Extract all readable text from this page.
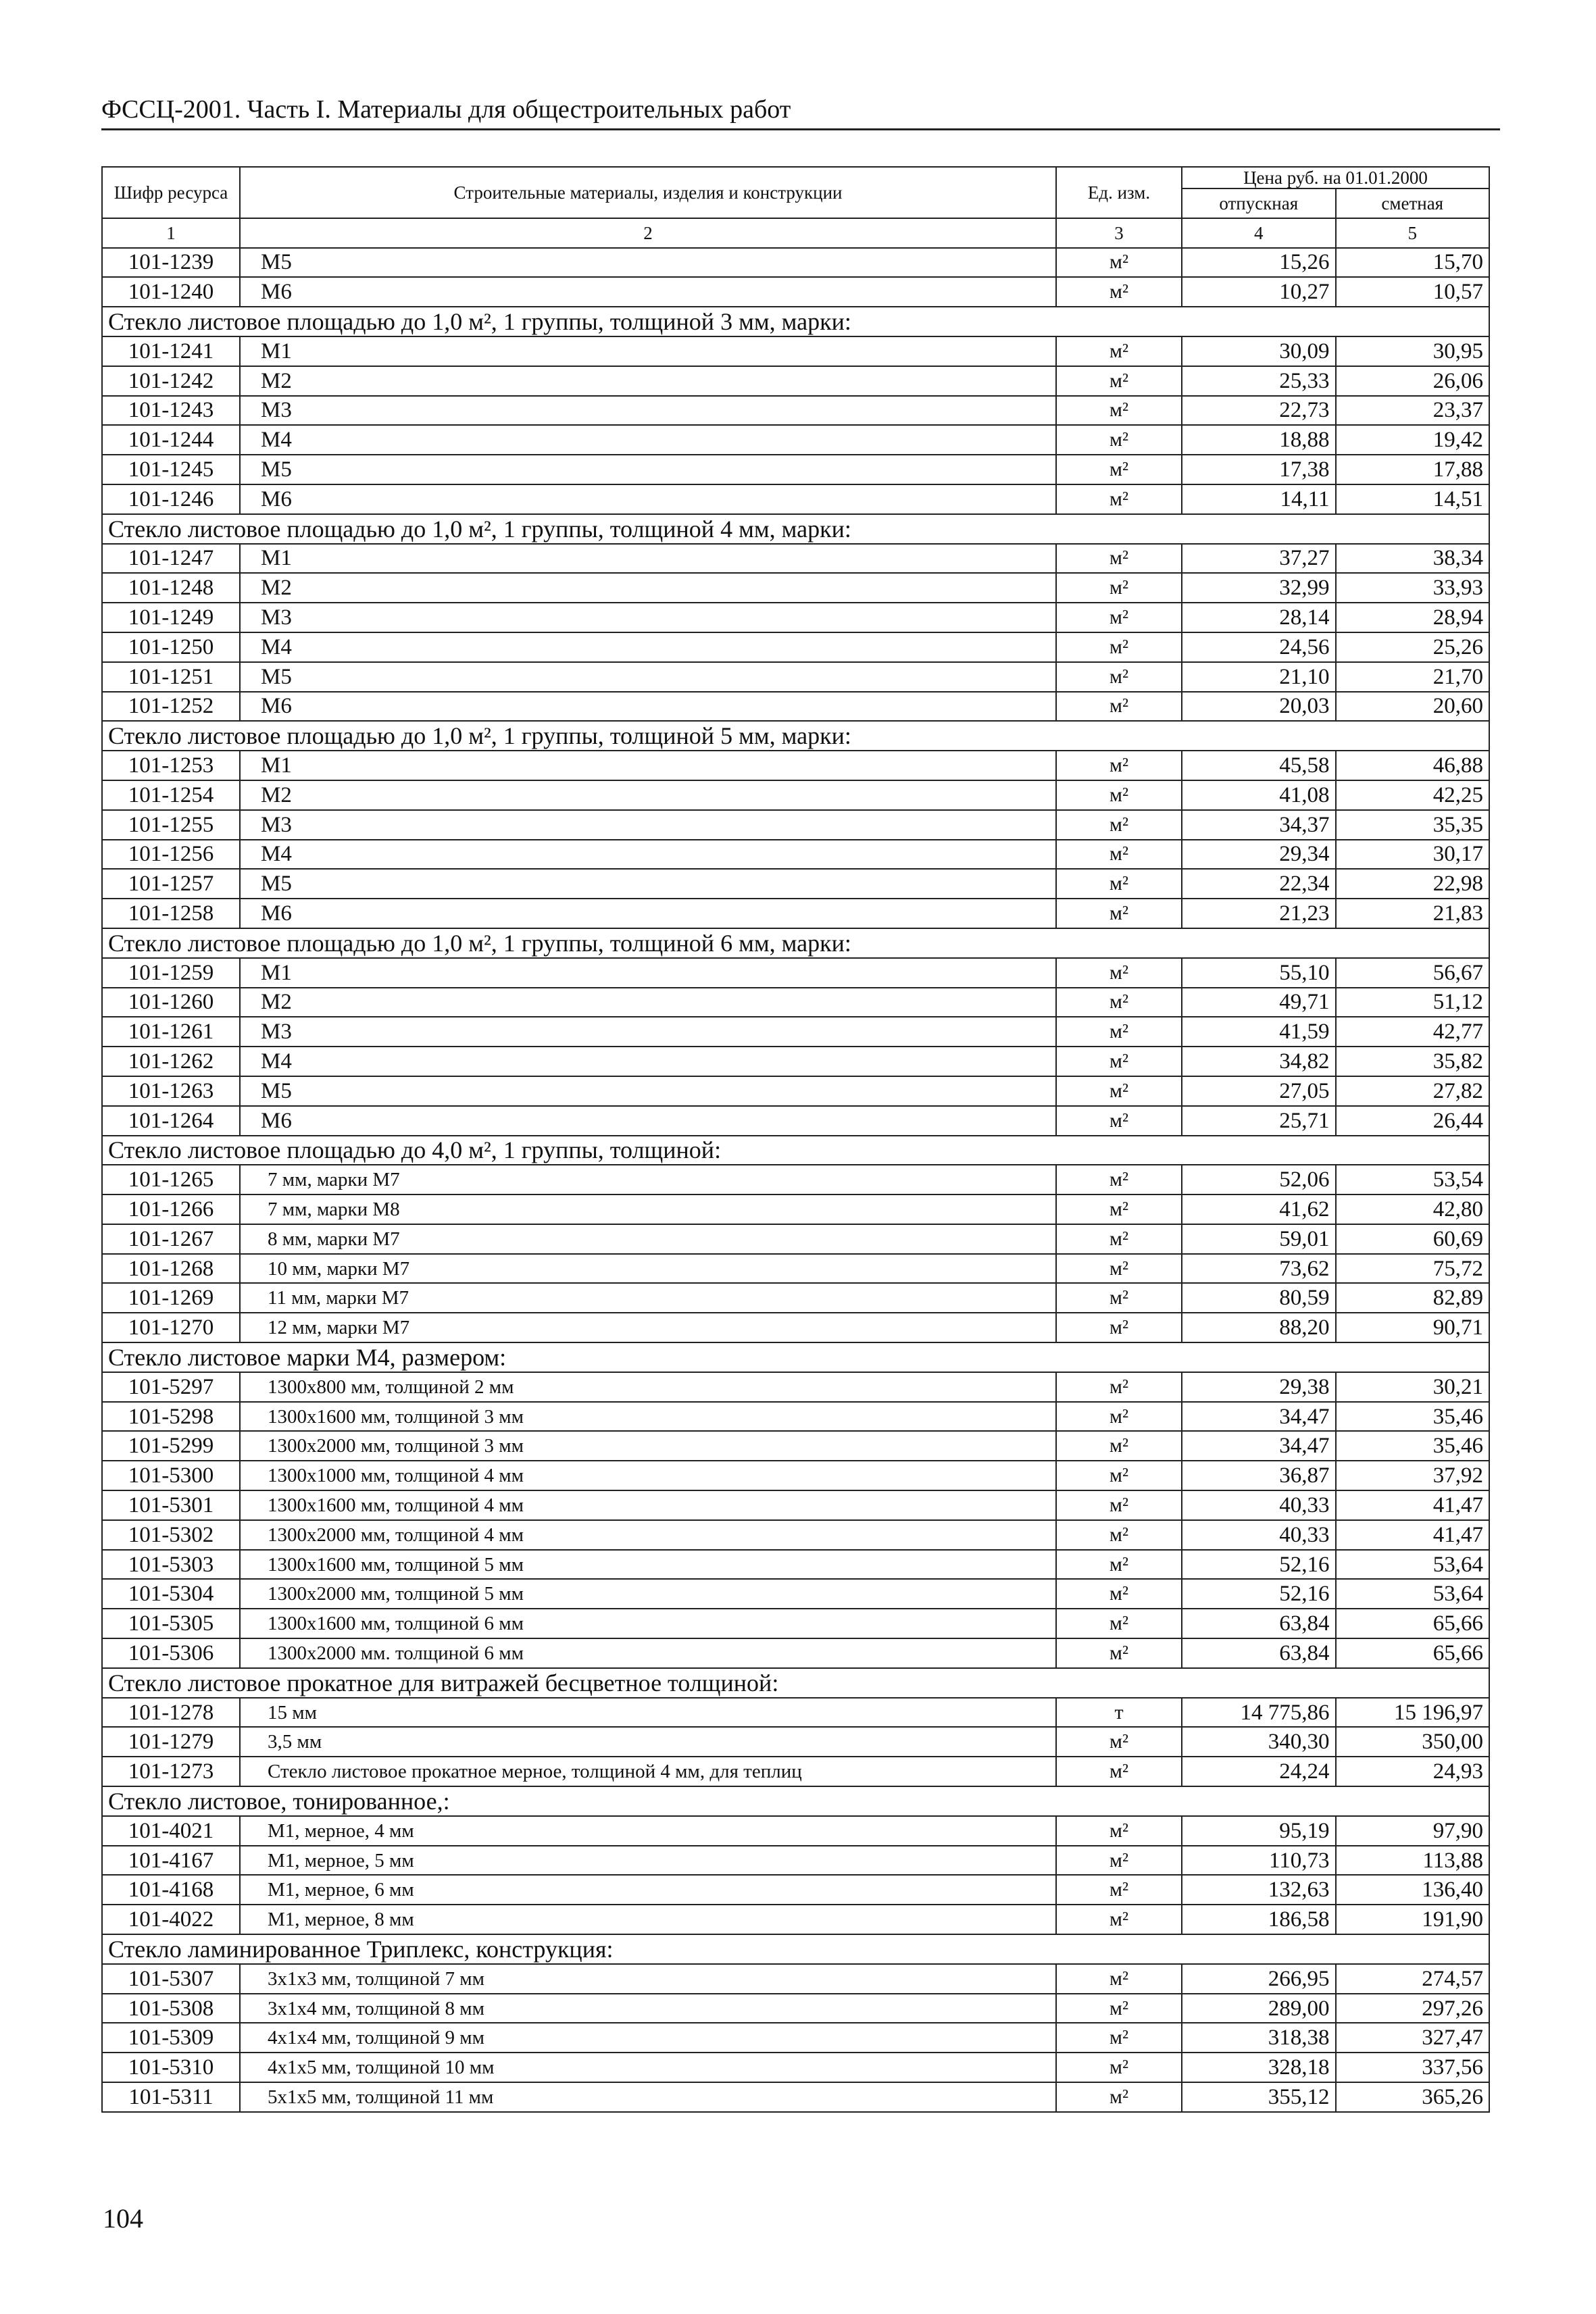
ФССЦ-2001. Часть I. Материалы для общестроительных работ
Шифр ресурса	Строительные материалы, изделия и конструкции	Ед. изм.	Цена руб. на 01.01.2000	
			отпускная	сметная
1	2	3	4	5
101-1239	М5	м²	15,26	15,70
101-1240	М6	м²	10,27	10,57
Стекло листовое площадью до 1,0 м², 1 группы, толщиной 3 мм, марки:				
101-1241	М1	м²	30,09	30,95
101-1242	М2	м²	25,33	26,06
101-1243	М3	м²	22,73	23,37
101-1244	М4	м²	18,88	19,42
101-1245	М5	м²	17,38	17,88
101-1246	М6	м²	14,11	14,51
Стекло листовое площадью до 1,0 м², 1 группы, толщиной 4 мм, марки:				
101-1247	М1	м²	37,27	38,34
101-1248	М2	м²	32,99	33,93
101-1249	М3	м²	28,14	28,94
101-1250	М4	м²	24,56	25,26
101-1251	М5	м²	21,10	21,70
101-1252	М6	м²	20,03	20,60
Стекло листовое площадью до 1,0 м², 1 группы, толщиной 5 мм, марки:				
101-1253	М1	м²	45,58	46,88
101-1254	М2	м²	41,08	42,25
101-1255	М3	м²	34,37	35,35
101-1256	М4	м²	29,34	30,17
101-1257	М5	м²	22,34	22,98
101-1258	М6	м²	21,23	21,83
Стекло листовое площадью до 1,0 м², 1 группы, толщиной 6 мм, марки:				
101-1259	М1	м²	55,10	56,67
101-1260	М2	м²	49,71	51,12
101-1261	М3	м²	41,59	42,77
101-1262	М4	м²	34,82	35,82
101-1263	М5	м²	27,05	27,82
101-1264	М6	м²	25,71	26,44
Стекло листовое площадью до 4,0 м², 1 группы, толщиной:				
101-1265	7 мм, марки М7	м²	52,06	53,54
101-1266	7 мм, марки М8	м²	41,62	42,80
101-1267	8 мм, марки М7	м²	59,01	60,69
101-1268	10 мм, марки М7	м²	73,62	75,72
101-1269	11 мм, марки М7	м²	80,59	82,89
101-1270	12 мм, марки М7	м²	88,20	90,71
Стекло листовое марки М4, размером:				
101-5297	1300х800 мм, толщиной 2 мм	м²	29,38	30,21
101-5298	1300х1600 мм, толщиной 3 мм	м²	34,47	35,46
101-5299	1300х2000 мм, толщиной 3 мм	м²	34,47	35,46
101-5300	1300х1000 мм, толщиной 4 мм	м²	36,87	37,92
101-5301	1300х1600 мм, толщиной 4 мм	м²	40,33	41,47
101-5302	1300х2000 мм, толщиной 4 мм	м²	40,33	41,47
101-5303	1300х1600 мм, толщиной 5 мм	м²	52,16	53,64
101-5304	1300х2000 мм, толщиной 5 мм	м²	52,16	53,64
101-5305	1300х1600 мм, толщиной 6 мм	м²	63,84	65,66
101-5306	1300х2000 мм. толщиной 6 мм	м²	63,84	65,66
Стекло листовое прокатное для витражей бесцветное толщиной:				
101-1278	15 мм	т	14 775,86	15 196,97
101-1279	3,5 мм	м²	340,30	350,00
101-1273	Стекло листовое прокатное мерное, толщиной 4 мм, для теплиц	м²	24,24	24,93
Стекло листовое, тонированное,:				
101-4021	М1, мерное, 4 мм	м²	95,19	97,90
101-4167	М1, мерное, 5 мм	м²	110,73	113,88
101-4168	М1, мерное, 6 мм	м²	132,63	136,40
101-4022	М1, мерное, 8 мм	м²	186,58	191,90
Стекло ламинированное Триплекс, конструкция:				
101-5307	3х1х3 мм, толщиной 7 мм	м²	266,95	274,57
101-5308	3х1х4 мм, толщиной 8 мм	м²	289,00	297,26
101-5309	4х1х4 мм, толщиной 9 мм	м²	318,38	327,47
101-5310	4х1х5 мм, толщиной 10 мм	м²	328,18	337,56
101-5311	5х1х5 мм, толщиной 11 мм	м²	355,12	365,26
104
